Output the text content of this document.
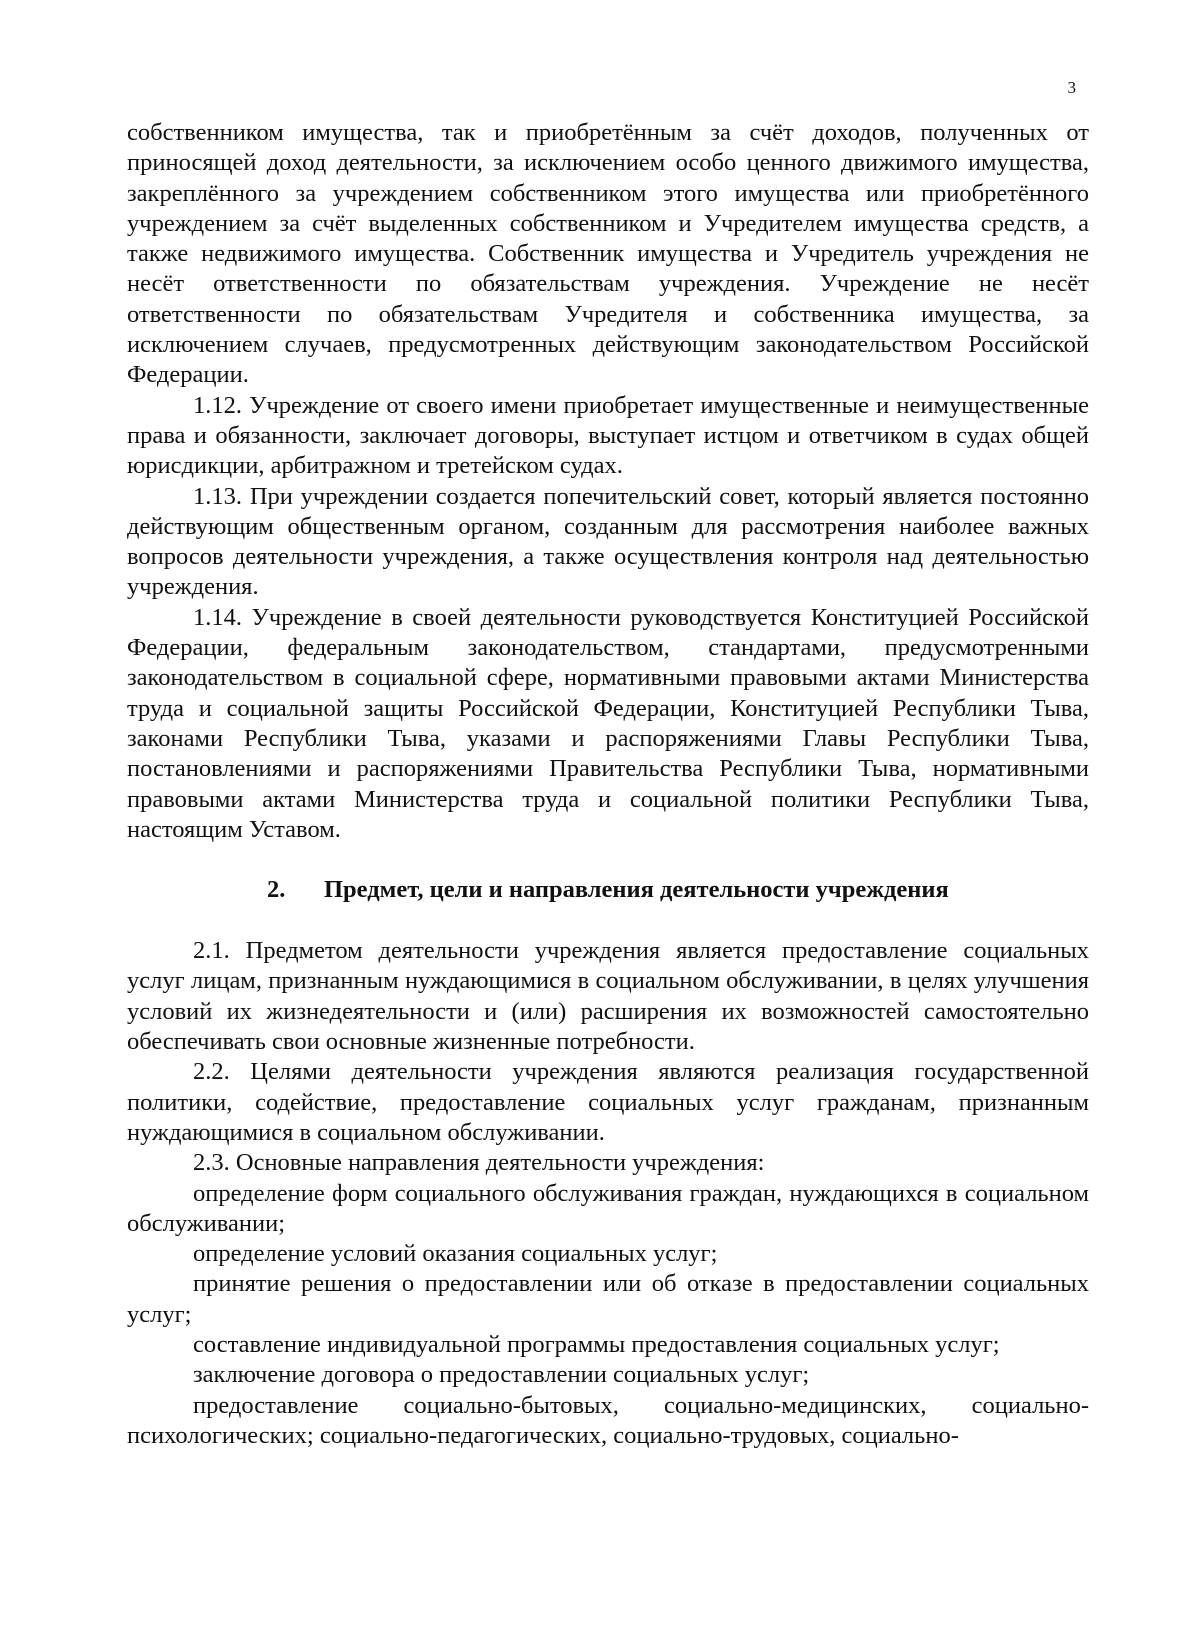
3

собственником имущества, так и приобретённым за счёт доходов, полученных от приносящей доход деятельности, за исключением особо ценного движимого имущества, закреплённого за учреждением собственником этого имущества или приобретённого учреждением за счёт выделенных собственником и Учредителем имущества средств, а также недвижимого имущества. Собственник имущества и Учредитель учреждения не несёт ответственности по обязательствам учреждения. Учреждение не несёт ответственности по обязательствам Учредителя и собственника имущества, за исключением случаев, предусмотренных действующим законодательством Российской Федерации.

1.12. Учреждение от своего имени приобретает имущественные и неимущественные права и обязанности, заключает договоры, выступает истцом и ответчиком в судах общей юрисдикции, арбитражном и третейском судах.

1.13. При учреждении создается попечительский совет, который является постоянно действующим общественным органом, созданным для рассмотрения наиболее важных вопросов деятельности учреждения, а также осуществления контроля над деятельностью учреждения.

1.14. Учреждение в своей деятельности руководствуется Конституцией Российской Федерации, федеральным законодательством, стандартами, предусмотренными законодательством в социальной сфере, нормативными правовыми актами Министерства труда и социальной защиты Российской Федерации, Конституцией Республики Тыва, законами Республики Тыва, указами и распоряжениями Главы Республики Тыва, постановлениями и распоряжениями Правительства Республики Тыва, нормативными правовыми актами Министерства труда и социальной политики Республики Тыва, настоящим Уставом.

2. Предмет, цели и направления деятельности учреждения

2.1. Предметом деятельности учреждения является предоставление социальных услуг лицам, признанным нуждающимися в социальном обслуживании, в целях улучшения условий их жизнедеятельности и (или) расширения их возможностей самостоятельно обеспечивать свои основные жизненные потребности.

2.2. Целями деятельности учреждения являются реализация государственной политики, содействие, предоставление социальных услуг гражданам, признанным нуждающимися в социальном обслуживании.

2.3. Основные направления деятельности учреждения:

определение форм социального обслуживания граждан, нуждающихся в социальном обслуживании;

определение условий оказания социальных услуг;

принятие решения о предоставлении или об отказе в предоставлении социальных услуг;

составление индивидуальной программы предоставления социальных услуг;

заключение договора о предоставлении социальных услуг;

предоставление социально-бытовых, социально-медицинских, социально-психологических; социально-педагогических, социально-трудовых, социально-
